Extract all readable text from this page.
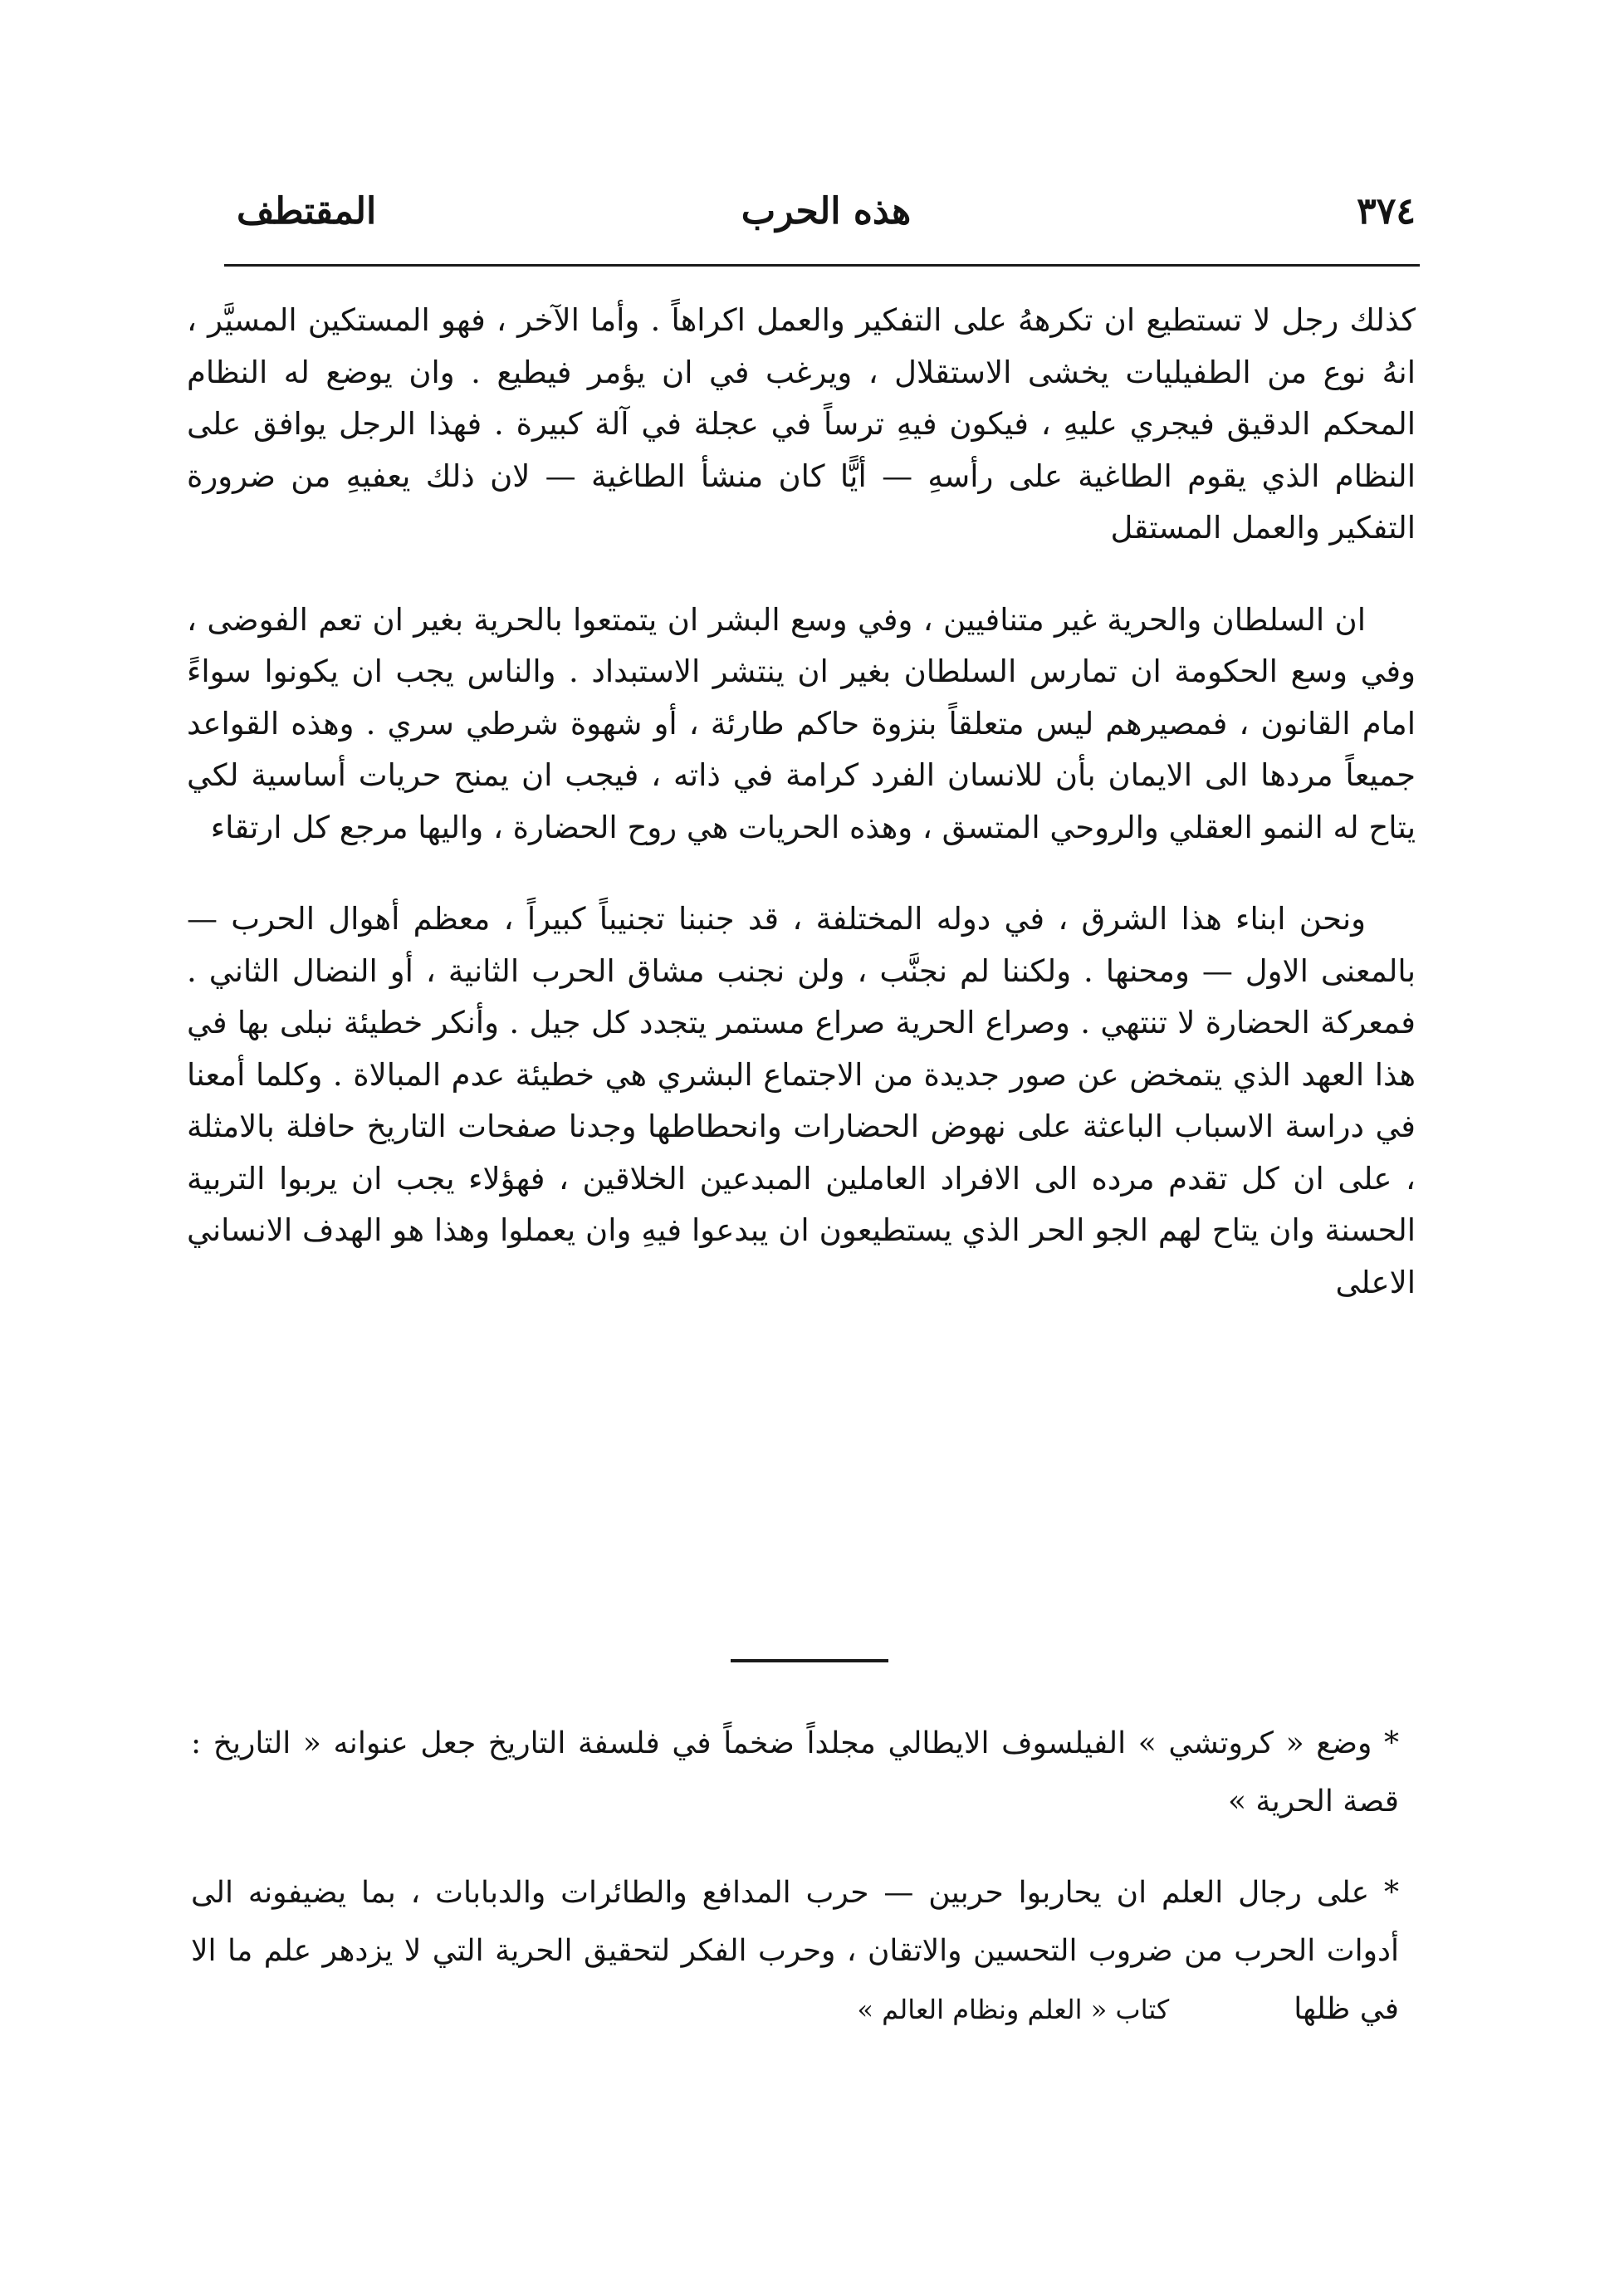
٣٧٤
هذه الحرب
المقتطف

كذلك رجل لا تستطيع ان تكرههُ على التفكير والعمل اكراهاً . وأما الآخر ، فهو المستكين المسيَّر ، انهُ نوع من الطفيليات يخشى الاستقلال ، ويرغب في ان يؤمر فيطيع . وان يوضع له النظام المحكم الدقيق فيجري عليهِ ، فيكون فيهِ ترساً في عجلة في آلة كبيرة . فهذا الرجل يوافق على النظام الذي يقوم الطاغية على رأسهِ — أيًّا كان منشأ الطاغية — لان ذلك يعفيهِ من ضرورة التفكير والعمل المستقل

ان السلطان والحرية غير متنافيين ، وفي وسع البشر ان يتمتعوا بالحرية بغير ان تعم الفوضى ، وفي وسع الحكومة ان تمارس السلطان بغير ان ينتشر الاستبداد . والناس يجب ان يكونوا سواءً امام القانون ، فمصيرهم ليس متعلقاً بنزوة حاكم طارئة ، أو شهوة شرطي سري . وهذه القواعد جميعاً مردها الى الايمان بأن للانسان الفرد كرامة في ذاته ، فيجب ان يمنح حريات أساسية لكي يتاح له النمو العقلي والروحي المتسق ، وهذه الحريات هي روح الحضارة ، واليها مرجع كل ارتقاء

ونحن ابناء هذا الشرق ، في دوله المختلفة ، قد جنبنا تجنيباً كبيراً ، معظم أهوال الحرب — بالمعنى الاول — ومحنها . ولكننا لم نجنَّب ، ولن نجنب مشاق الحرب الثانية ، أو النضال الثاني . فمعركة الحضارة لا تنتهي . وصراع الحرية صراع مستمر يتجدد كل جيل . وأنكر خطيئة نبلى بها في هذا العهد الذي يتمخض عن صور جديدة من الاجتماع البشري هي خطيئة عدم المبالاة . وكلما أمعنا في دراسة الاسباب الباعثة على نهوض الحضارات وانحطاطها وجدنا صفحات التاريخ حافلة بالامثلة ، على ان كل تقدم مرده الى الافراد العاملين المبدعين الخلاقين ، فهؤلاء يجب ان يربوا التربية الحسنة وان يتاح لهم الجو الحر الذي يستطيعون ان يبدعوا فيهِ وان يعملوا وهذا هو الهدف الانساني الاعلى

* وضع « كروتشي » الفيلسوف الايطالي مجلداً ضخماً في فلسفة التاريخ جعل عنوانه « التاريخ : قصة الحرية »

* على رجال العلم ان يحاربوا حربين — حرب المدافع والطائرات والدبابات ، بما يضيفونه الى أدوات الحرب من ضروب التحسين والاتقان ، وحرب الفكر لتحقيق الحرية التي لا يزدهر علم ما الا في ظلهاكتاب « العلم ونظام العالم »
